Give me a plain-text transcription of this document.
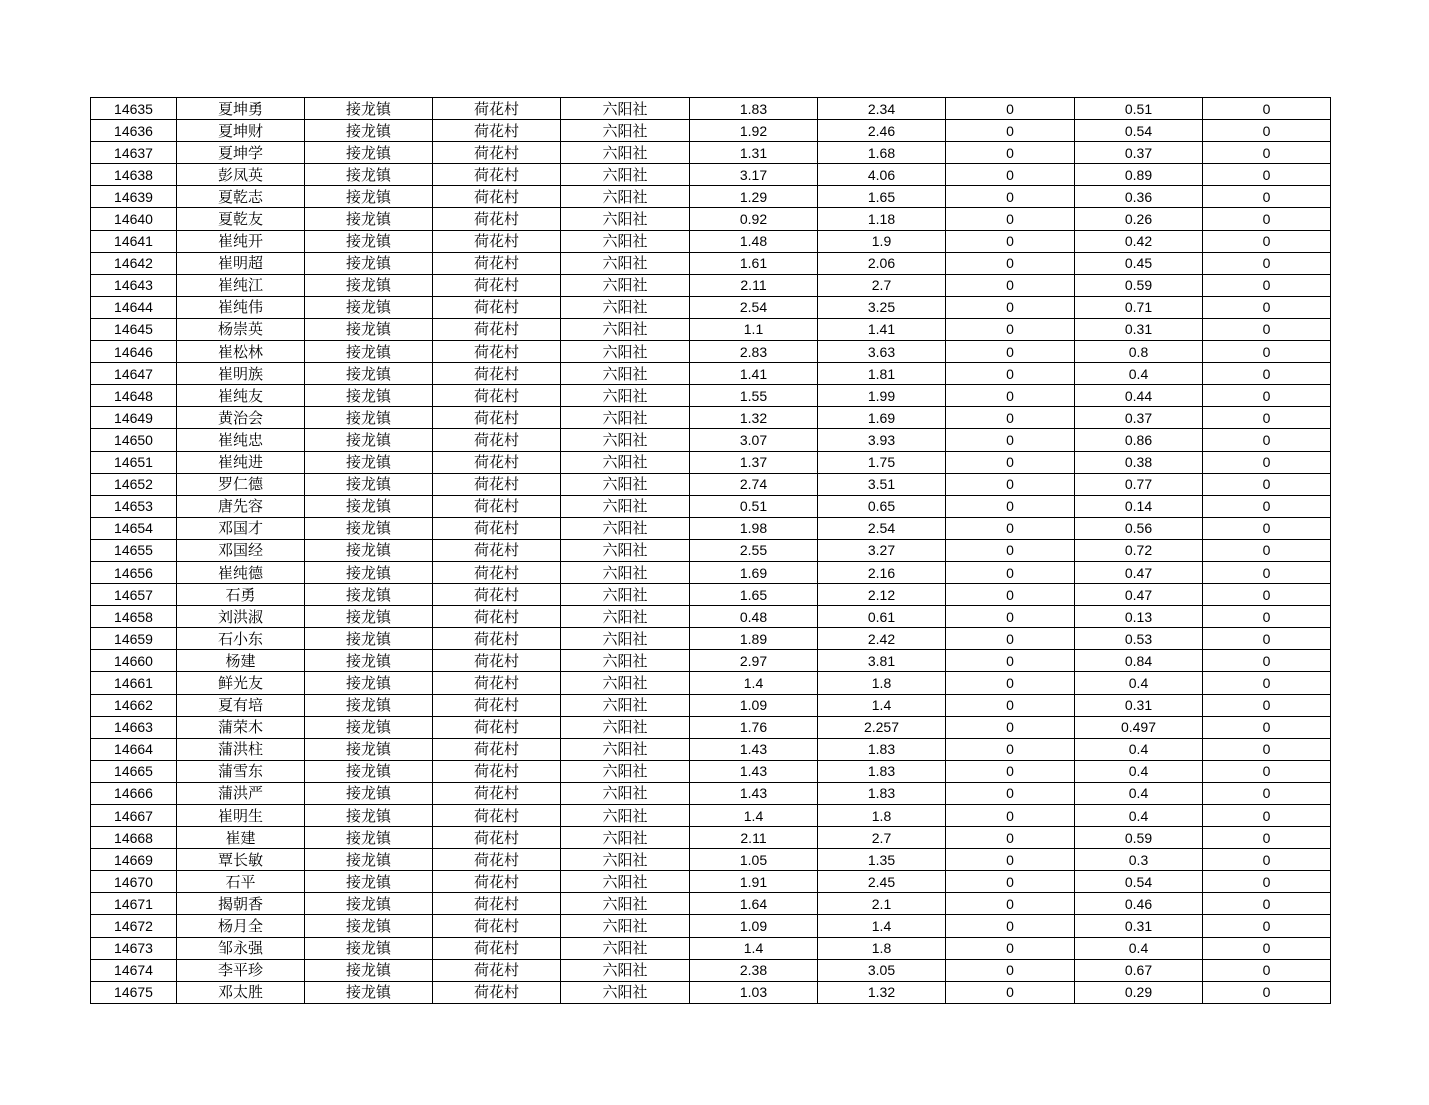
14635	夏坤勇	接龙镇	荷花村	六阳社	1.83	2.34	0	0.51	0
14636	夏坤财	接龙镇	荷花村	六阳社	1.92	2.46	0	0.54	0
14637	夏坤学	接龙镇	荷花村	六阳社	1.31	1.68	0	0.37	0
14638	彭凤英	接龙镇	荷花村	六阳社	3.17	4.06	0	0.89	0
14639	夏乾志	接龙镇	荷花村	六阳社	1.29	1.65	0	0.36	0
14640	夏乾友	接龙镇	荷花村	六阳社	0.92	1.18	0	0.26	0
14641	崔纯开	接龙镇	荷花村	六阳社	1.48	1.9	0	0.42	0
14642	崔明超	接龙镇	荷花村	六阳社	1.61	2.06	0	0.45	0
14643	崔纯江	接龙镇	荷花村	六阳社	2.11	2.7	0	0.59	0
14644	崔纯伟	接龙镇	荷花村	六阳社	2.54	3.25	0	0.71	0
14645	杨崇英	接龙镇	荷花村	六阳社	1.1	1.41	0	0.31	0
14646	崔松林	接龙镇	荷花村	六阳社	2.83	3.63	0	0.8	0
14647	崔明族	接龙镇	荷花村	六阳社	1.41	1.81	0	0.4	0
14648	崔纯友	接龙镇	荷花村	六阳社	1.55	1.99	0	0.44	0
14649	黄治会	接龙镇	荷花村	六阳社	1.32	1.69	0	0.37	0
14650	崔纯忠	接龙镇	荷花村	六阳社	3.07	3.93	0	0.86	0
14651	崔纯进	接龙镇	荷花村	六阳社	1.37	1.75	0	0.38	0
14652	罗仁德	接龙镇	荷花村	六阳社	2.74	3.51	0	0.77	0
14653	唐先容	接龙镇	荷花村	六阳社	0.51	0.65	0	0.14	0
14654	邓国才	接龙镇	荷花村	六阳社	1.98	2.54	0	0.56	0
14655	邓国经	接龙镇	荷花村	六阳社	2.55	3.27	0	0.72	0
14656	崔纯德	接龙镇	荷花村	六阳社	1.69	2.16	0	0.47	0
14657	石勇	接龙镇	荷花村	六阳社	1.65	2.12	0	0.47	0
14658	刘洪淑	接龙镇	荷花村	六阳社	0.48	0.61	0	0.13	0
14659	石小东	接龙镇	荷花村	六阳社	1.89	2.42	0	0.53	0
14660	杨建	接龙镇	荷花村	六阳社	2.97	3.81	0	0.84	0
14661	鲜光友	接龙镇	荷花村	六阳社	1.4	1.8	0	0.4	0
14662	夏有培	接龙镇	荷花村	六阳社	1.09	1.4	0	0.31	0
14663	蒲荣木	接龙镇	荷花村	六阳社	1.76	2.257	0	0.497	0
14664	蒲洪柱	接龙镇	荷花村	六阳社	1.43	1.83	0	0.4	0
14665	蒲雪东	接龙镇	荷花村	六阳社	1.43	1.83	0	0.4	0
14666	蒲洪严	接龙镇	荷花村	六阳社	1.43	1.83	0	0.4	0
14667	崔明生	接龙镇	荷花村	六阳社	1.4	1.8	0	0.4	0
14668	崔建	接龙镇	荷花村	六阳社	2.11	2.7	0	0.59	0
14669	覃长敏	接龙镇	荷花村	六阳社	1.05	1.35	0	0.3	0
14670	石平	接龙镇	荷花村	六阳社	1.91	2.45	0	0.54	0
14671	揭朝香	接龙镇	荷花村	六阳社	1.64	2.1	0	0.46	0
14672	杨月全	接龙镇	荷花村	六阳社	1.09	1.4	0	0.31	0
14673	邹永强	接龙镇	荷花村	六阳社	1.4	1.8	0	0.4	0
14674	李平珍	接龙镇	荷花村	六阳社	2.38	3.05	0	0.67	0
14675	邓太胜	接龙镇	荷花村	六阳社	1.03	1.32	0	0.29	0
